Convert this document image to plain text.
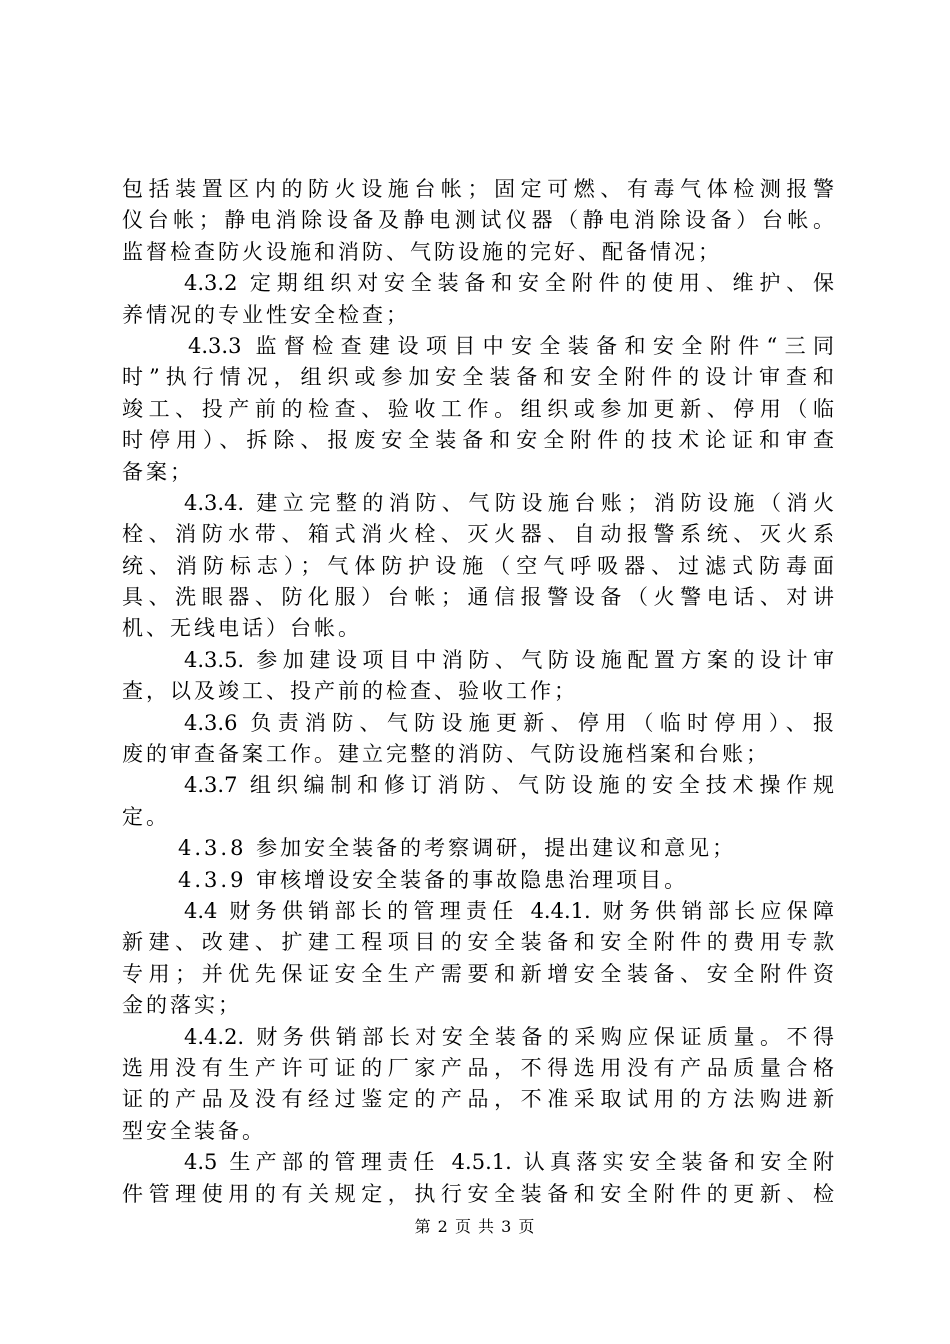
包括装置区内的防火设施台帐；固定可燃、有毒气体检测报警
仪台帐；静电消除设备及静电测试仪器（静电消除设备）台帐。
监督检查防火设施和消防、气防设施的完好、配备情况；
4.3.2 定期组织对安全装备和安全附件的使用、维护、保
养情况的专业性安全检查；
4.3.3 监督检查建设项目中安全装备和安全附件“三同
时”执行情况，组织或参加安全装备和安全附件的设计审查和
竣工、投产前的检查、验收工作。组织或参加更新、停用（临
时停用）、拆除、报废安全装备和安全附件的技术论证和审查
备案；
4.3.4. 建立完整的消防、气防设施台账；消防设施（消火
栓、消防水带、箱式消火栓、灭火器、自动报警系统、灭火系
统、消防标志）；气体防护设施（空气呼吸器、过滤式防毒面
具、洗眼器、防化服）台帐；通信报警设备（火警电话、对讲
机、无线电话）台帐。
4.3.5. 参加建设项目中消防、气防设施配置方案的设计审
查，以及竣工、投产前的检查、验收工作；
4.3.6 负责消防、气防设施更新、停用（临时停用）、报
废的审查备案工作。建立完整的消防、气防设施档案和台账；
4.3.7 组织编制和修订消防、气防设施的安全技术操作规
定。
4.3.8 参加安全装备的考察调研，提出建议和意见；
4.3.9 审核增设安全装备的事故隐患治理项目。
4.4 财务供销部长的管理责任 4.4.1. 财务供销部长应保障
新建、改建、扩建工程项目的安全装备和安全附件的费用专款
专用；并优先保证安全生产需要和新增安全装备、安全附件资
金的落实；
4.4.2. 财务供销部长对安全装备的采购应保证质量。不得
选用没有生产许可证的厂家产品，不得选用没有产品质量合格
证的产品及没有经过鉴定的产品，不准采取试用的方法购进新
型安全装备。
4.5 生产部的管理责任 4.5.1. 认真落实安全装备和安全附
件管理使用的有关规定，执行安全装备和安全附件的更新、检
第 2 页 共 3 页
